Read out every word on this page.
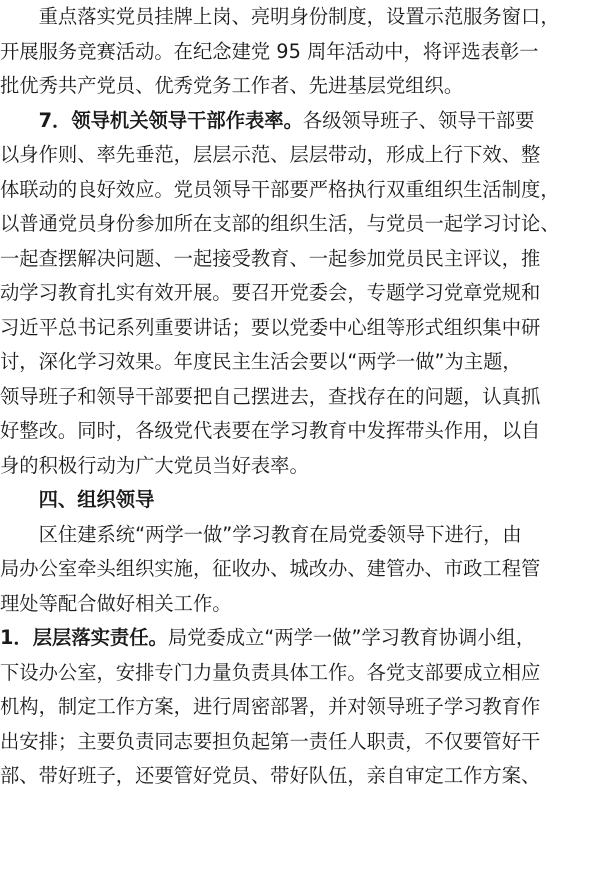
　　重点落实党员挂牌上岗、亮明身份制度，设置示范服务窗口，
开展服务竞赛活动。在纪念建党 95 周年活动中，将评选表彰一
批优秀共产党员、优秀党务工作者、先进基层党组织。
　　7．领导机关领导干部作表率。各级领导班子、领导干部要
以身作则、率先垂范，层层示范、层层带动，形成上行下效、整
体联动的良好效应。党员领导干部要严格执行双重组织生活制度，
以普通党员身份参加所在支部的组织生活，与党员一起学习讨论、
一起查摆解决问题、一起接受教育、一起参加党员民主评议，推
动学习教育扎实有效开展。要召开党委会，专题学习党章党规和
习近平总书记系列重要讲话；要以党委中心组等形式组织集中研
讨，深化学习效果。年度民主生活会要以“两学一做”为主题，
领导班子和领导干部要把自己摆进去，查找存在的问题，认真抓
好整改。同时，各级党代表要在学习教育中发挥带头作用，以自
身的积极行动为广大党员当好表率。
　　四、组织领导
　　区住建系统“两学一做”学习教育在局党委领导下进行，由
局办公室牵头组织实施，征收办、城改办、建管办、市政工程管
理处等配合做好相关工作。
1．层层落实责任。局党委成立“两学一做”学习教育协调小组，
下设办公室，安排专门力量负责具体工作。各党支部要成立相应
机构，制定工作方案，进行周密部署，并对领导班子学习教育作
出安排；主要负责同志要担负起第一责任人职责，不仅要管好干
部、带好班子，还要管好党员、带好队伍，亲自审定工作方案、
